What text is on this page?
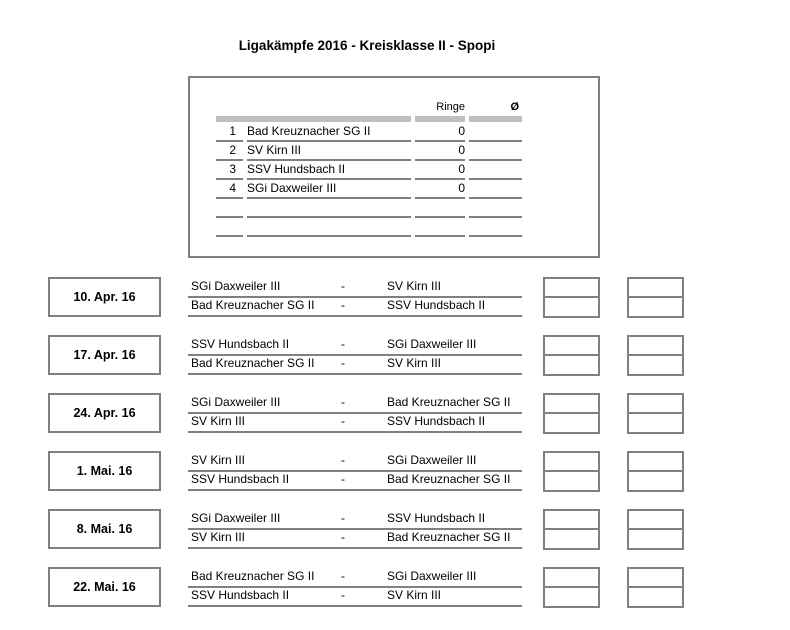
Ligakämpfe 2016 - Kreisklasse II - Spopi
Ringe	Ø
1 Bad Kreuznacher SG II	0
2 SV Kirn III	0
3 SSV Hundsbach II	0
4 SGi Daxweiler III	0
10. Apr. 16
SGi Daxweiler III	-	SV Kirn III
Bad Kreuznacher SG II -	SSV Hundsbach II
17. Apr. 16
SSV Hundsbach II	-	SGi Daxweiler III
Bad Kreuznacher SG II -	SV Kirn III
24. Apr. 16
SGi Daxweiler III	-	Bad Kreuznacher SG II
SV Kirn III	-	SSV Hundsbach II
1. Mai. 16
SV Kirn III	-	SGi Daxweiler III
SSV Hundsbach II	-	Bad Kreuznacher SG II
8. Mai. 16
SGi Daxweiler III	-	SSV Hundsbach II
SV Kirn III	-	Bad Kreuznacher SG II
22. Mai. 16
Bad Kreuznacher SG II -	SGi Daxweiler III
SSV Hundsbach II	-	SV Kirn III
